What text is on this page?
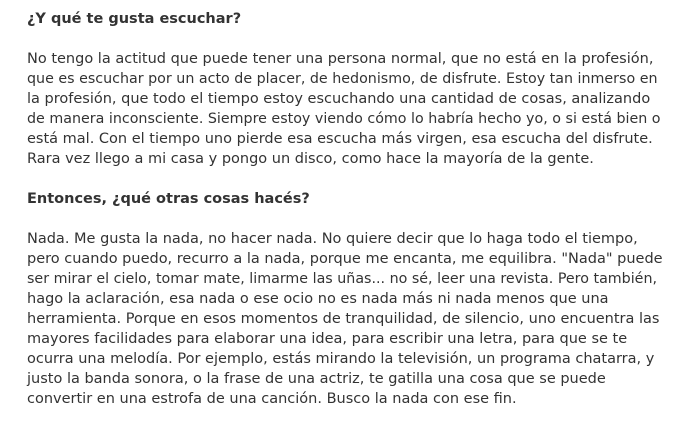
¿Y qué te gusta escuchar?

No tengo la actitud que puede tener una persona normal, que no está en la profesión,
que es escuchar por un acto de placer, de hedonismo, de disfrute. Estoy tan inmerso en
la profesión, que todo el tiempo estoy escuchando una cantidad de cosas, analizando
de manera inconsciente. Siempre estoy viendo cómo lo habría hecho yo, o si está bien o
está mal. Con el tiempo uno pierde esa escucha más virgen, esa escucha del disfrute.
Rara vez llego a mi casa y pongo un disco, como hace la mayoría de la gente.

Entonces, ¿qué otras cosas hacés?

Nada. Me gusta la nada, no hacer nada. No quiere decir que lo haga todo el tiempo,
pero cuando puedo, recurro a la nada, porque me encanta, me equilibra. "Nada" puede
ser mirar el cielo, tomar mate, limarme las uñas... no sé, leer una revista. Pero también,
hago la aclaración, esa nada o ese ocio no es nada más ni nada menos que una
herramienta. Porque en esos momentos de tranquilidad, de silencio, uno encuentra las
mayores facilidades para elaborar una idea, para escribir una letra, para que se te
ocurra una melodía. Por ejemplo, estás mirando la televisión, un programa chatarra, y
justo la banda sonora, o la frase de una actriz, te gatilla una cosa que se puede
convertir en una estrofa de una canción. Busco la nada con ese fin.
